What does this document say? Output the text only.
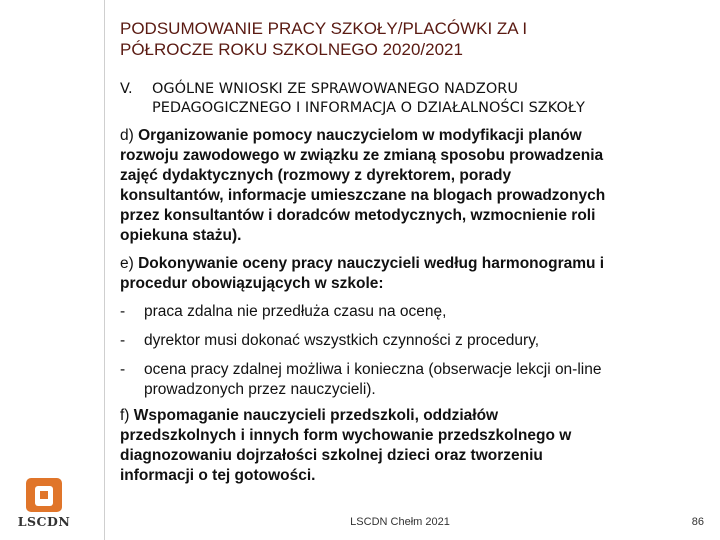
PODSUMOWANIE PRACY SZKOŁY/PLACÓWKI ZA I
PÓŁROCZE ROKU SZKOLNEGO 2020/2021
V.	OGÓLNE WNIOSKI ZE SPRAWOWANEGO NADZORU
PEDAGOGICZNEGO I INFORMACJA O DZIAŁALNOŚCI SZKOŁY
d) Organizowanie pomocy nauczycielom w modyfikacji planów
rozwoju zawodowego w związku ze zmianą sposobu prowadzenia
zajęć dydaktycznych (rozmowy z dyrektorem, porady
konsultantów, informacje umieszczane na blogach prowadzonych
przez konsultantów i doradców metodycznych, wzmocnienie roli
opiekuna stażu).
e) Dokonywanie oceny pracy nauczycieli według harmonogramu i
procedur obowiązujących w szkole:
-	praca zdalna nie przedłuża czasu na ocenę,
-	dyrektor musi dokonać wszystkich czynności z procedury,
-	ocena pracy zdalnej możliwa i konieczna (obserwacje lekcji on-line
prowadzonych przez nauczycieli).
f) Wspomaganie nauczycieli przedszkoli, oddziałów
przedszkolnych i innych form wychowanie przedszkolnego w
diagnozowaniu dojrzałości szkolnej dzieci oraz tworzeniu
informacji o tej gotowości.
LSCDN	LSCDN Chełm 2021	86
